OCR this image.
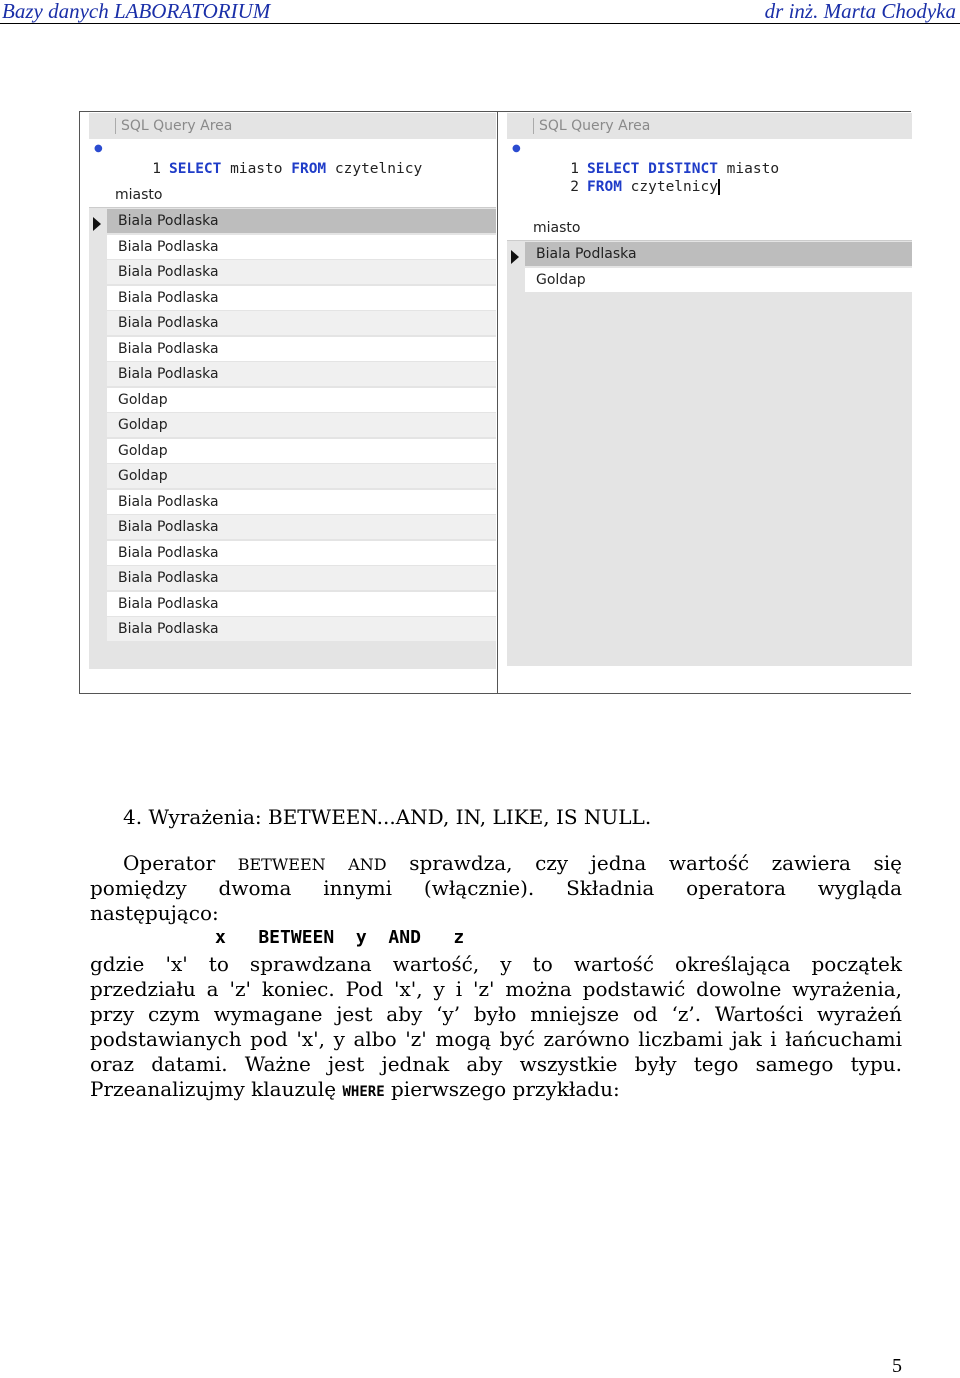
Bazy danych LABORATORIUM	dr inż. Marta Chodyka
SQL Query Area
●

1 SELECT miasto FROM czytelnicy

miasto
Biala Podlaska
Biala Podlaska
Biala Podlaska
Biala Podlaska
Biala Podlaska
Biala Podlaska
Biala Podlaska
Goldap
Goldap
Goldap
Goldap
Biala Podlaska
Biala Podlaska
Biala Podlaska
Biala Podlaska
Biala Podlaska
Biala Podlaska
SQL Query Area
●

1 SELECT DISTINCT miasto

2 FROM czytelnicy

miasto
Biala Podlaska
Goldap
4. Wyrażenia: BETWEEN...AND, IN, LIKE, IS NULL.
Operator BETWEEN AND sprawdza, czy jedna wartość zawiera się
pomiędzy dwoma innymi (włącznie). Składnia operatora wygląda
następująco:
x   BETWEEN  y  AND   z
gdzie 'x' to sprawdzana wartość, y to wartość określająca początek
przedziału a 'z' koniec. Pod 'x', y i 'z' można podstawić dowolne wyrażenia,
przy czym wymagane jest aby ‘y’ było mniejsze od ‘z’. Wartości wyrażeń
podstawianych pod 'x', y albo 'z' mogą być zarówno liczbami jak i łańcuchami
oraz datami. Ważne jest jednak aby wszystkie były tego samego typu.
Przeanalizujmy klauzulę WHERE pierwszego przykładu:
5
